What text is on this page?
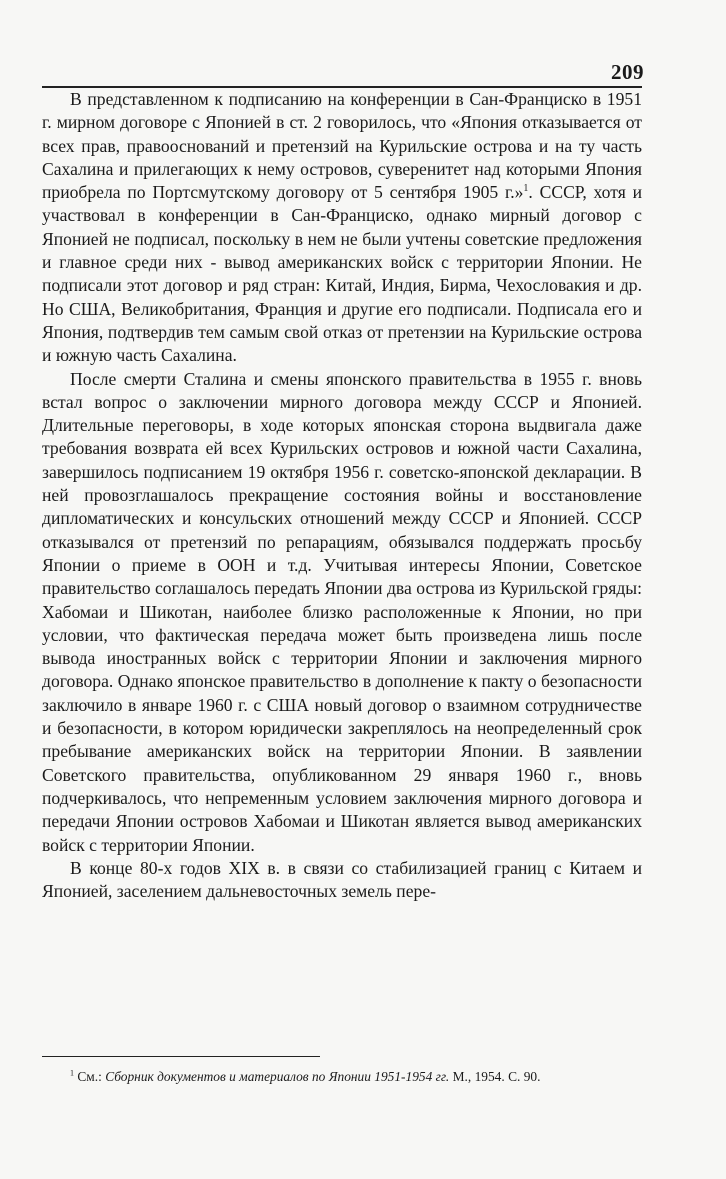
209

В представленном к подписанию на конференции в Сан-Франциско в 1951 г. мирном договоре с Японией в ст. 2 говорилось, что «Япония отказывается от всех прав, правооснований и претензий на Курильские острова и на ту часть Сахалина и прилегающих к нему островов, суверенитет над которыми Япония приобрела по Портсмутскому договору от 5 сентября 1905 г.»$^1$. СССР, хотя и участвовал в конференции в Сан-Франциско, однако мирный договор с Японией не подписал, поскольку в нем не были учтены советские предложения и главное среди них - вывод американских войск с территории Японии. Не подписали этот договор и ряд стран: Китай, Индия, Бирма, Чехословакия и др. Но США, Великобритания, Франция и другие его подписали. Подписала его и Япония, подтвердив тем самым свой отказ от претензии на Курильские острова и южную часть Сахалина.

После смерти Сталина и смены японского правительства в 1955 г. вновь встал вопрос о заключении мирного договора между СССР и Японией. Длительные переговоры, в ходе которых японская сторона выдвигала даже требования возврата ей всех Курильских островов и южной части Сахалина, завершилось подписанием 19 октября 1956 г. советско-японской декларации. В ней провозглашалось прекращение состояния войны и восстановление дипломатических и консульских отношений между СССР и Японией. СССР отказывался от претензий по репарациям, обязывался поддержать просьбу Японии о приеме в ООН и т.д. Учитывая интересы Японии, Советское правительство соглашалось передать Японии два острова из Курильской гряды: Хабомаи и Шикотан, наиболее близко расположенные к Японии, но при условии, что фактическая передача может быть произведена лишь после вывода иностранных войск с территории Японии и заключения мирного договора. Однако японское правительство в дополнение к пакту о безопасности заключило в январе 1960 г. с США новый договор о взаимном сотрудничестве и безопасности, в котором юридически закреплялось на неопределенный срок пребывание американских войск на территории Японии. В заявлении Советского правительства, опубликованном 29 января 1960 г., вновь подчеркивалось, что непременным условием заключения мирного договора и передачи Японии островов Хабомаи и Шикотан является вывод американских войск с территории Японии.

В конце 80-х годов XIX в. в связи со стабилизацией границ с Китаем и Японией, заселением дальневосточных земель пере-

$^1$ См.: Сборник документов и материалов по Японии 1951-1954 гг. М., 1954. С. 90.
